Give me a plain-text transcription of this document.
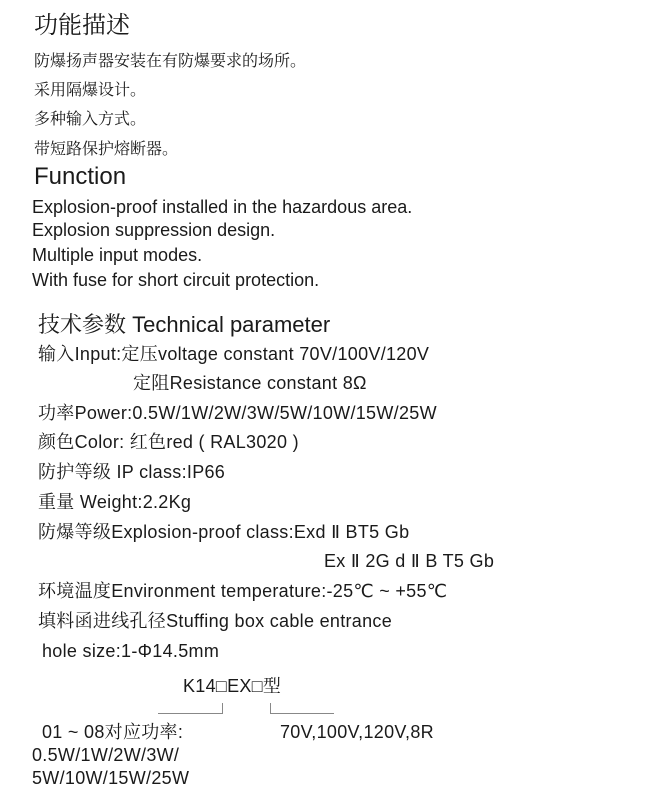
功能描述
防爆扬声器安装在有防爆要求的场所。
采用隔爆设计。
多种输入方式。
带短路保护熔断器。
Function
Explosion-proof installed in the hazardous area.
Explosion suppression design.
Multiple input modes.
With fuse for short circuit protection.
技术参数 Technical parameter
输入Input:定压voltage constant 70V/100V/120V
定阻Resistance constant 8Ω
功率Power:0.5W/1W/2W/3W/5W/10W/15W/25W
颜色Color: 红色red ( RAL3020 )
防护等级 IP class:IP66
重量 Weight:2.2Kg
防爆等级Explosion-proof class:Exd Ⅱ BT5 Gb
Ex Ⅱ 2G d Ⅱ B T5 Gb
环境温度Environment temperature:-25℃ ~ +55℃
填料函进线孔径Stuffing box cable entrance
hole size:1-Φ14.5mm
K14□EX□型
01 ~ 08对应功率:	70V,100V,120V,8R
0.5W/1W/2W/3W/
5W/10W/15W/25W
